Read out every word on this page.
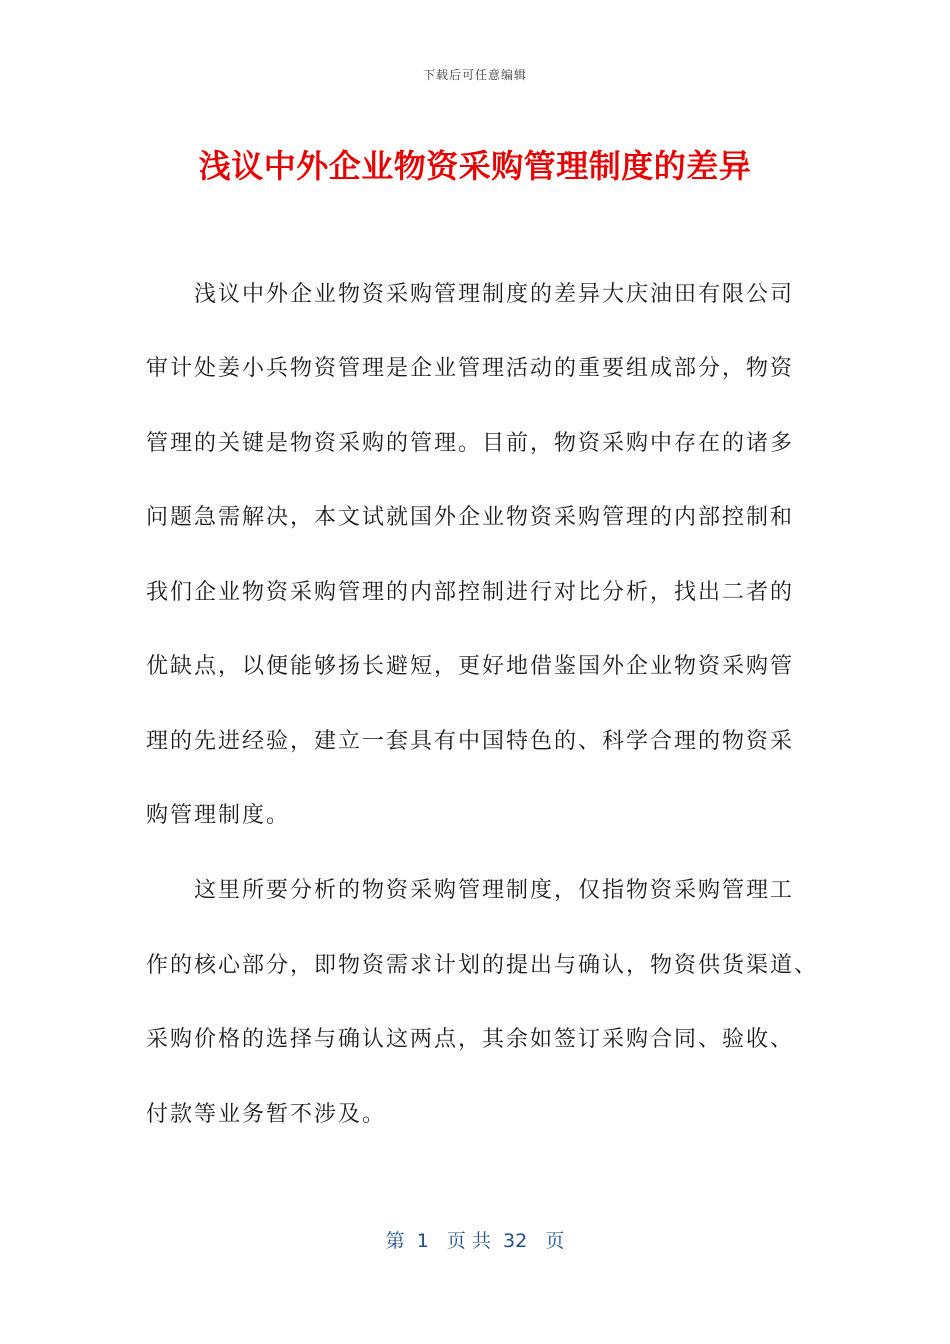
下载后可任意编辑
浅议中外企业物资采购管理制度的差异
浅议中外企业物资采购管理制度的差异大庆油田有限公司
审计处姜小兵物资管理是企业管理活动的重要组成部分，物资
管理的关键是物资采购的管理。目前，物资采购中存在的诸多
问题急需解决，本文试就国外企业物资采购管理的内部控制和
我们企业物资采购管理的内部控制进行对比分析，找出二者的
优缺点，以便能够扬长避短，更好地借鉴国外企业物资采购管
理的先进经验，建立一套具有中国特色的、科学合理的物资采
购管理制度。
这里所要分析的物资采购管理制度，仅指物资采购管理工
作的核心部分，即物资需求计划的提出与确认，物资供货渠道、
采购价格的选择与确认这两点，其余如签订采购合同、验收、
付款等业务暂不涉及。
第  1   页 共  32   页
